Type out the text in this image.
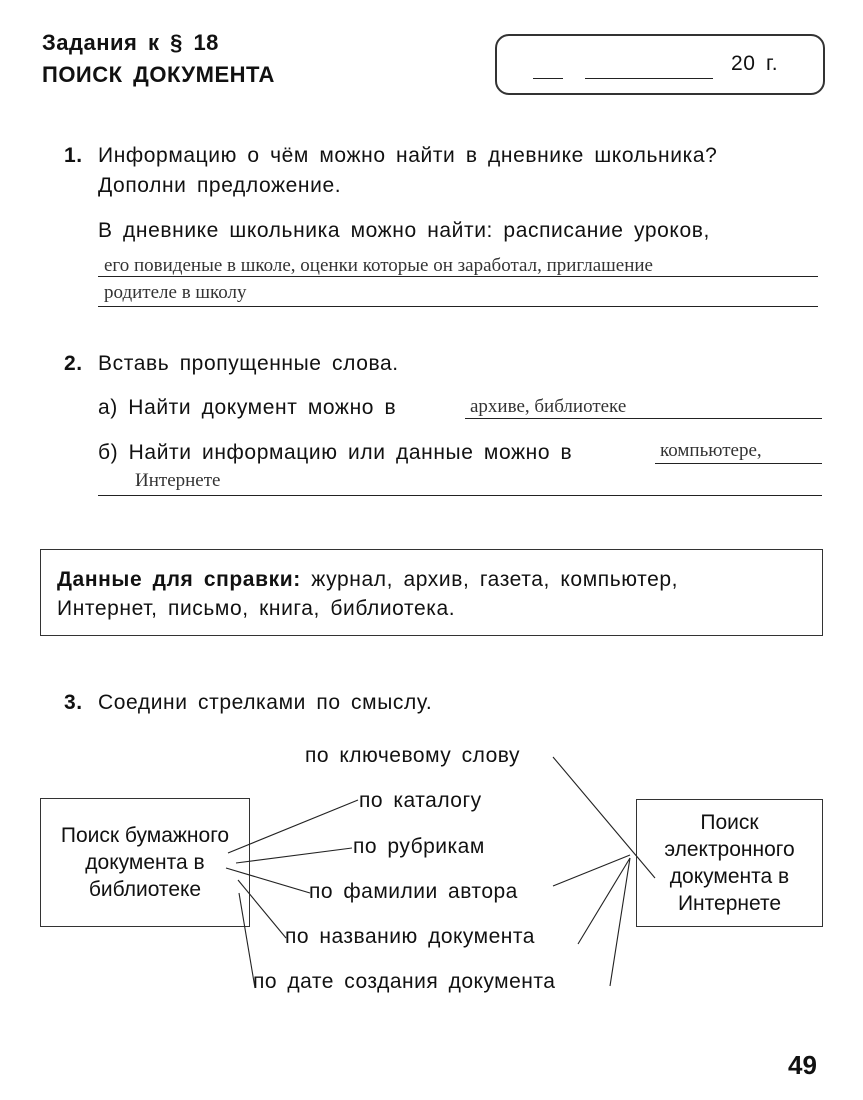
Задания к § 18
ПОИСК ДОКУМЕНТА	20 г.
1. Информацию о чём можно найти в дневнике школьника?
Дополни предложение.
В дневнике школьника можно найти: расписание уроков,
его повиденые в школе, оценки которые он заработал, приглашение
родителе в школу
2. Вставь пропущенные слова.
а) Найти документ можно в	архиве, библиотеке
б) Найти информацию или данные можно в	компьютере,
Интернете
Данные для справки: журнал, архив, газета, компьютер,
Интернет, письмо, книга, библиотека.
3. Соедини стрелками по смыслу.
Поиск бумажного документа в библиотеке
Поиск электронного документа в Интернете
по ключевому слову
по каталогу
по рубрикам
по фамилии автора
по названию документа
по дате создания документа
49
